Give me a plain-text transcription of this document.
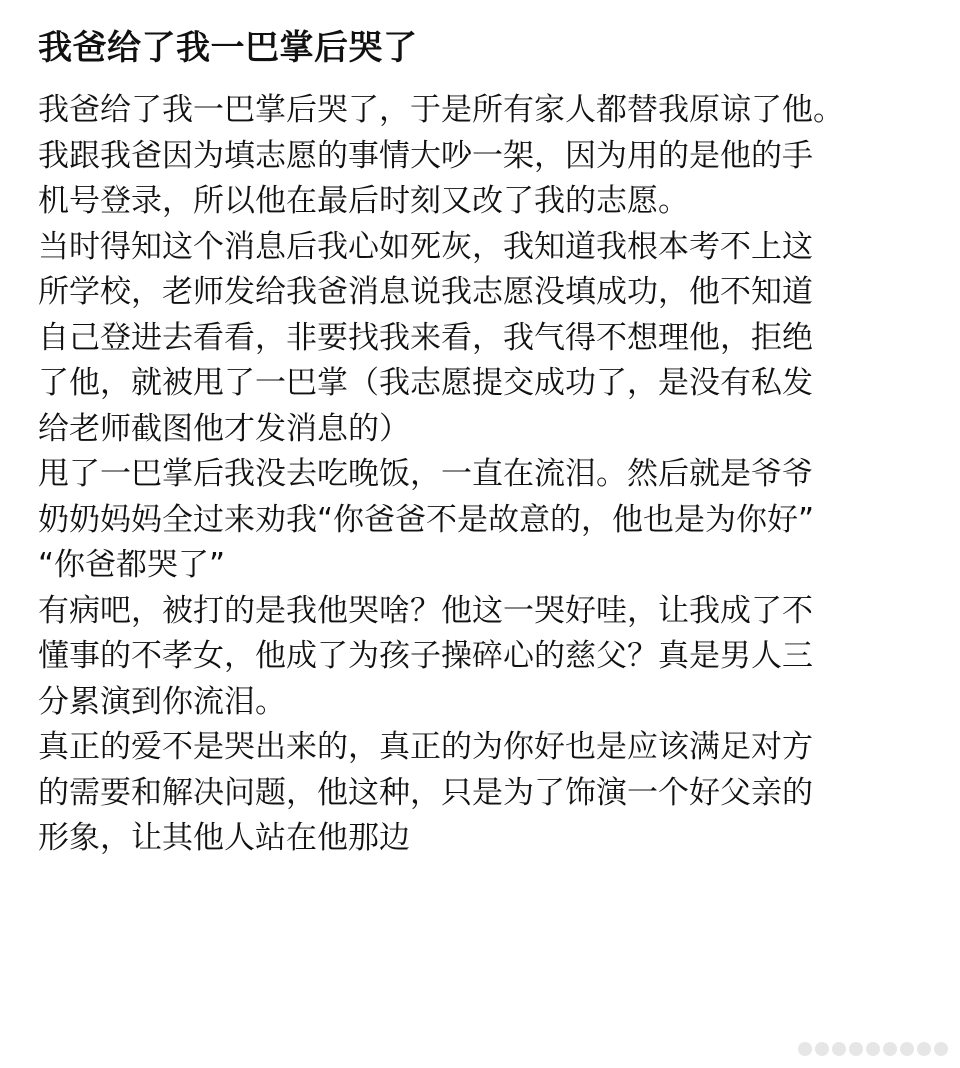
我爸给了我一巴掌后哭了

我爸给了我一巴掌后哭了，于是所有家人都替我原谅了他。

我跟我爸因为填志愿的事情大吵一架，因为用的是他的手
机号登录，所以他在最后时刻又改了我的志愿。

当时得知这个消息后我心如死灰，我知道我根本考不上这
所学校，老师发给我爸消息说我志愿没填成功，他不知道
自己登进去看看，非要找我来看，我气得不想理他，拒绝
了他，就被甩了一巴掌（我志愿提交成功了，是没有私发
给老师截图他才发消息的）

甩了一巴掌后我没去吃晚饭，一直在流泪。然后就是爷爷
奶奶妈妈全过来劝我“你爸爸不是故意的，他也是为你好”
“你爸都哭了”

有病吧，被打的是我他哭啥？他这一哭好哇，让我成了不
懂事的不孝女，他成了为孩子操碎心的慈父？真是男人三
分累演到你流泪。

真正的爱不是哭出来的，真正的为你好也是应该满足对方
的需要和解决问题，他这种，只是为了饰演一个好父亲的
形象，让其他人站在他那边
